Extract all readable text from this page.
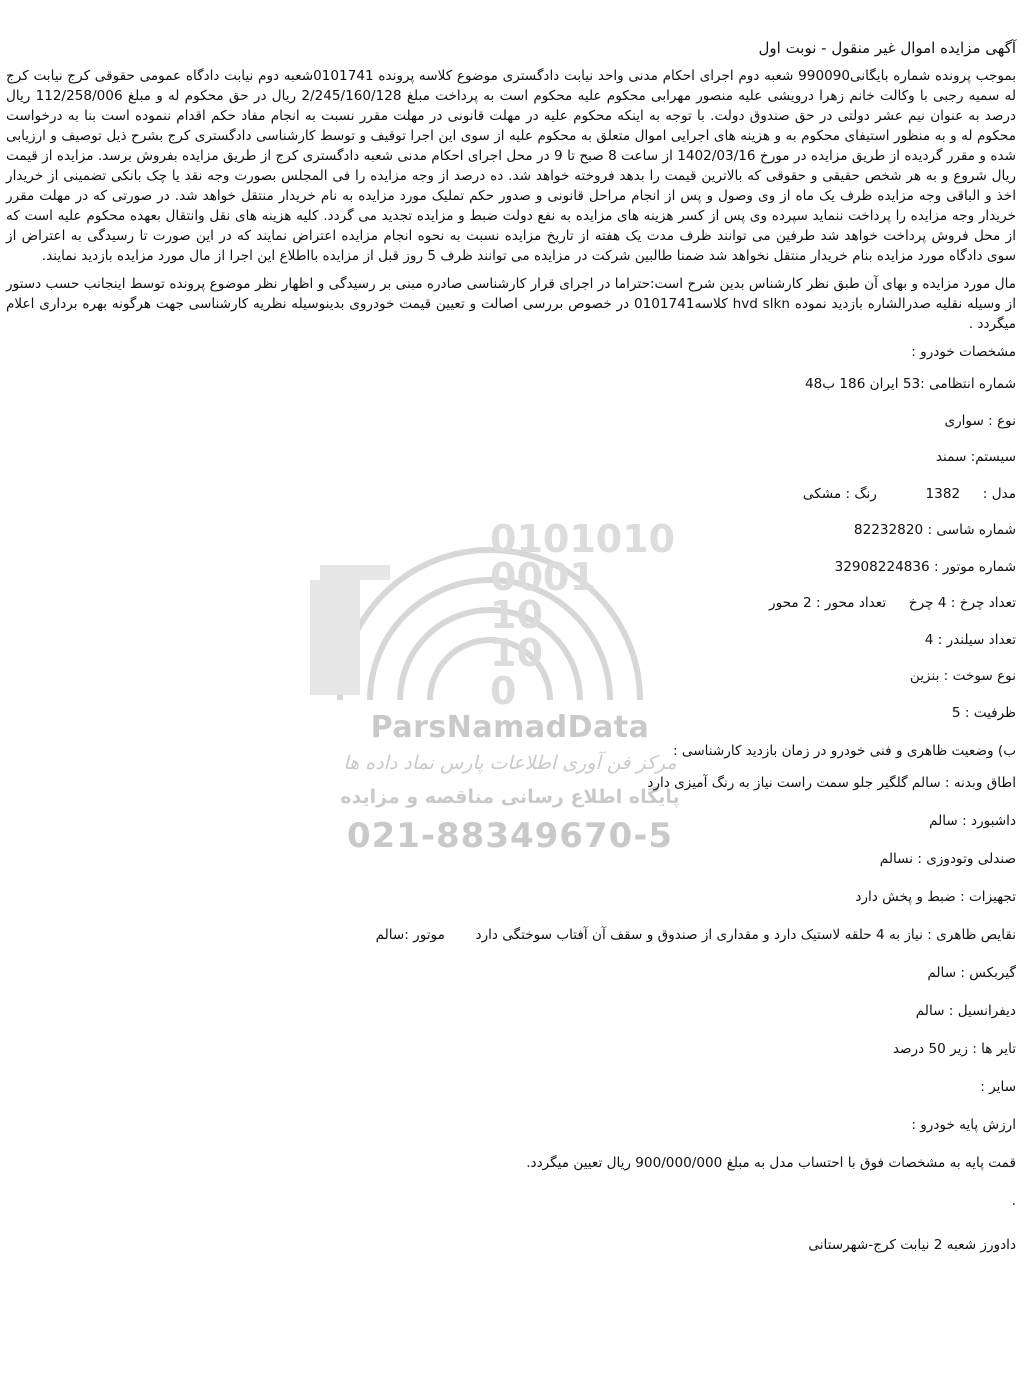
0101010
0001
10
10
0
ParsNamadData
مرکز فن آوری اطلاعات پارس نماد داده ها
پایگاه اطلاع رسانی مناقصه و مزایده
021-88349670-5
آگهی مزایده اموال غیر منقول - نوبت اول
بموجب پرونده شماره بایگانی990090 شعبه دوم اجرای احکام مدنی واحد نیابت دادگستری موضوع کلاسه پرونده 0101741شعبه دوم نیابت دادگاه عمومی حقوقی کرج نیابت کرج له سمیه رجبی با وکالت خانم زهرا درویشی علیه منصور مهرابی محکوم علیه محکوم است به پرداخت مبلغ 2/245/160/128 ریال در حق محکوم له و مبلغ 112/258/006 ریال درصد به عنوان نیم عشر دولتی در حق صندوق دولت. با توجه به اینکه محکوم علیه در مهلت قانونی در مهلت مقرر نسبت به انجام مفاد حکم اقدام ننموده است بنا به درخواست محکوم له و به منظور استیفای محکوم به و هزینه های اجرایی اموال متعلق به محکوم علیه از سوی این اجرا توقیف و توسط کارشناسی دادگستری کرج بشرح ذیل توصیف و ارزیابی شده و مقرر گردیده از طریق مزایده در مورخ 1402/03/16 از ساعت 8 صبح تا 9 در محل اجرای احکام مدنی شعبه دادگستری کرج از طریق مزایده بفروش برسد. مزایده از قیمت ریال شروع و به هر شخص حقیقی و حقوقی که بالاترین قیمت را بدهد فروخته خواهد شد. ده درصد از وجه مزایده را فی المجلس بصورت وجه نقد یا چک بانکی تضمینی از خریدار اخذ و الباقی وجه مزایده ظرف یک ماه از وی وصول و پس از انجام مراحل قانونی و صدور حکم تملیک مورد مزایده به نام خریدار منتقل خواهد شد. در صورتی که در مهلت مقرر خریدار وجه مزایده را پرداخت ننماید سپرده وی پس از کسر هزینه های مزایده به نفع دولت ضبط و مزایده تجدید می گردد. کلیه هزینه های نقل وانتقال بعهده محکوم علیه است که از محل فروش پرداخت خواهد شد طرفین می توانند ظرف مدت یک هفته از تاریخ مزایده نسبت به نحوه انجام مزایده اعتراض نمایند که در این صورت تا رسیدگی به اعتراض از سوی دادگاه مورد مزایده بنام خریدار منتقل نخواهد شد ضمنا طالبین شرکت در مزایده می توانند ظرف 5 روز قبل از مزایده بااطلاع این اجرا از مال مورد مزایده بازدید نمایند.
مال مورد مزایده و بهای آن طبق نظر کارشناس بدین شرح است:حتراما در اجرای قرار کارشناسی صادره مبنی بر رسیدگی و اظهار نظر موضوع پرونده توسط اینجانب حسب دستور از وسیله نقلیه صدرالشاره بازدید نموده hvd slkn کلاسه0101741 در خصوص بررسی اصالت و تعیین قیمت خودروی بدینوسیله نظریه کارشناسی جهت هرگونه بهره برداری اعلام میگردد .
مشخصات خودرو :
شماره انتظامی :53 ایران 186 ب48
نوع : سواری
سیستم: سمند
مدل :  1382  رنگ : مشکی
شماره شاسی : 82232820
شماره موتور : 32908224836
تعداد چرخ : 4 چرخ  تعداد محور : 2 محور
تعداد سیلندر : 4
نوع سوخت : بنزین
ظرفیت : 5
ب) وضعیت ظاهری و فنی خودرو در زمان بازدید کارشناسی :
اطاق وبدنه : سالم گلگیر جلو سمت راست نیاز به رنگ آمیزی دارد
داشبورد : سالم
صندلی وتودوزی : نسالم
تجهیزات : ضبط و پخش دارد
نقایص ظاهری : نیاز به 4 حلقه لاستیک دارد و مقداری از صندوق و سقف آن آفتاب سوختگی دارد  موتور :سالم
گیربکس : سالم
دیفرانسیل : سالم
تایر ها : زیر 50 درصد
سایر :
ارزش پایه خودرو :
قمت پایه به مشخصات فوق با احتساب مدل به مبلغ 900/000/000 ریال تعیین میگردد.
.
دادورز شعبه 2 نیابت کرج-شهرستانی
